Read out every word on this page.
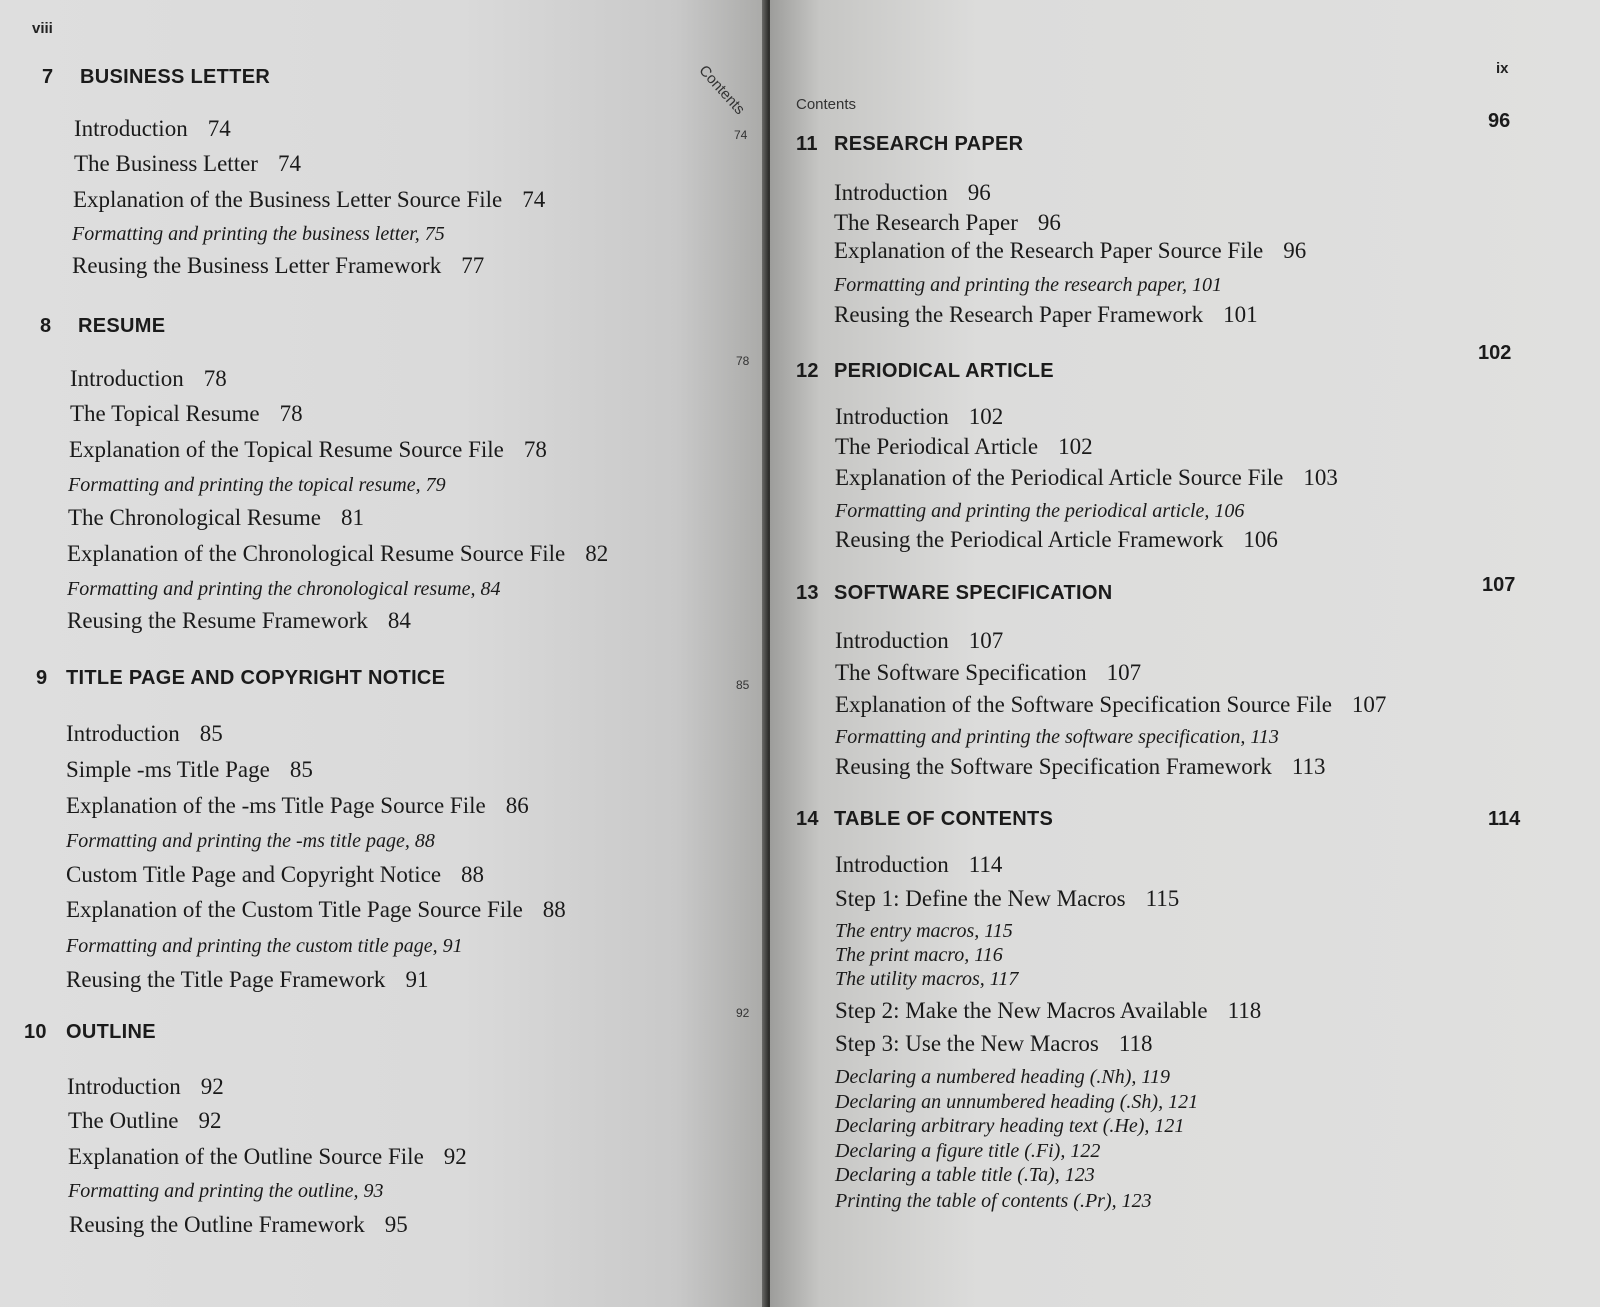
viii
Contents
74
78
85
92
7 BUSINESS LETTER
Introduction 74
The Business Letter 74
Explanation of the Business Letter Source File 74
Formatting and printing the business letter, 75
Reusing the Business Letter Framework 77
8 RESUME
Introduction 78
The Topical Resume 78
Explanation of the Topical Resume Source File 78
Formatting and printing the topical resume, 79
The Chronological Resume 81
Explanation of the Chronological Resume Source File 82
Formatting and printing the chronological resume, 84
Reusing the Resume Framework 84
9 TITLE PAGE AND COPYRIGHT NOTICE
Introduction 85
Simple -ms Title Page 85
Explanation of the -ms Title Page Source File 86
Formatting and printing the -ms title page, 88
Custom Title Page and Copyright Notice 88
Explanation of the Custom Title Page Source File 88
Formatting and printing the custom title page, 91
Reusing the Title Page Framework 91
10 OUTLINE
Introduction 92
The Outline 92
Explanation of the Outline Source File 92
Formatting and printing the outline, 93
Reusing the Outline Framework 95
ix
Contents
11 RESEARCH PAPER
96
Introduction 96
The Research Paper 96
Explanation of the Research Paper Source File 96
Formatting and printing the research paper, 101
Reusing the Research Paper Framework 101
12 PERIODICAL ARTICLE
102
Introduction 102
The Periodical Article 102
Explanation of the Periodical Article Source File 103
Formatting and printing the periodical article, 106
Reusing the Periodical Article Framework 106
13 SOFTWARE SPECIFICATION	107
Introduction 107
The Software Specification 107
Explanation of the Software Specification Source File 107
Formatting and printing the software specification, 113
Reusing the Software Specification Framework 113
14 TABLE OF CONTENTS	114
Introduction 114
Step 1: Define the New Macros 115
The entry macros, 115
The print macro, 116
The utility macros, 117
Step 2: Make the New Macros Available 118
Step 3: Use the New Macros 118
Declaring a numbered heading (.Nh), 119
Declaring an unnumbered heading (.Sh), 121
Declaring arbitrary heading text (.He), 121
Declaring a figure title (.Fi), 122
Declaring a table title (.Ta), 123
Printing the table of contents (.Pr), 123
